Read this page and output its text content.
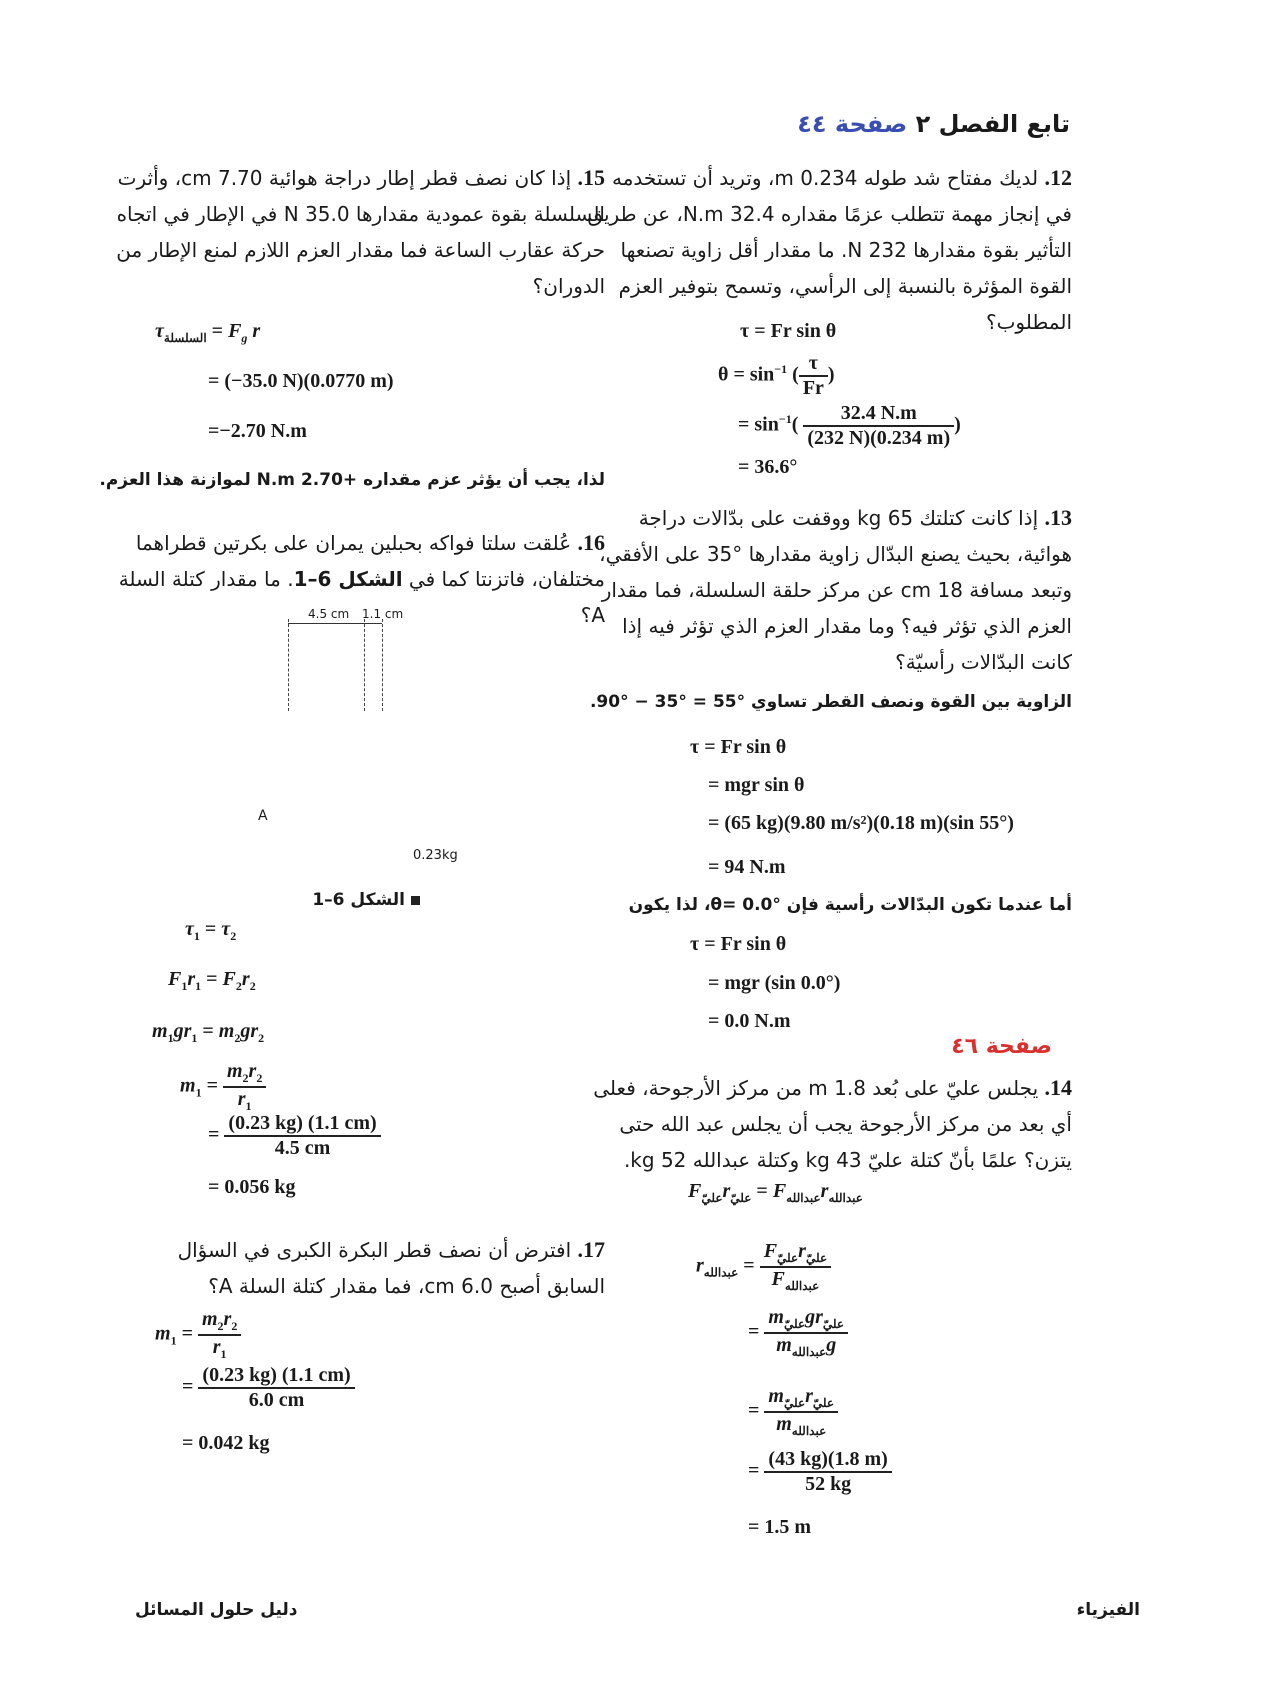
تابع الفصل ٢ صفحة ٤٤
12. لديك مفتاح شد طوله 0.234 m، وتريد أن تستخدمه في إنجاز مهمة تتطلب عزمًا مقداره 32.4 N.m، عن طريق التأثير بقوة مقدارها 232 N. ما مقدار أقل زاوية تصنعها القوة المؤثرة بالنسبة إلى الرأسي، وتسمح بتوفير العزم المطلوب؟
τ = Fr sin θ
$\theta = \sin^{-1}$ ( $\frac{\tau}{Fr}$ )
= $\sin^{-1}( \frac{32.4 N.m}{(232 N)(0.234 m)}$ )
= 36.6°
13. إذا كانت كتلتك 65 kg ووقفت على بدّالات دراجة هوائية، بحيث يصنع البدّال زاوية مقدارها °35 على الأفقي، وتبعد مسافة 18 cm عن مركز حلقة السلسلة، فما مقدار العزم الذي تؤثر فيه؟ وما مقدار العزم الذي تؤثر فيه إذا كانت البدّالات رأسيّة؟
الزاوية بين القوة ونصف القطر تساوي °55 = °35 − °90.
τ = Fr sin θ
= mgr sin θ
= (65 kg)(9.80 m/s²)(0.18 m)(sin 55°)
= 94 N.m
أما عندما تكون البدّالات رأسية فإن °0.0 =θ، لذا يكون
τ = Fr sin θ
= mgr (sin 0.0°)
= 0.0 N.m
صفحة ٤٦
14. يجلس عليّ على بُعد 1.8 m من مركز الأرجوحة، فعلى أي بعد من مركز الأرجوحة يجب أن يجلس عبد الله حتى يتزن؟ علمًا بأنّ كتلة عليّ 43 kg وكتلة عبدالله 52 kg.
$F_{عليّ}r_{عليّ} = F_{عبدالله}r_{عبدالله}$
$r_{عبدالله} = \frac{F_{عليّ}r_{عليّ}}{F_{عبدالله}}$
= $\frac{m_{عليّ}gr_{عليّ}}{m_{عبدالله}g}$
= $\frac{m_{عليّ}r_{عليّ}}{m_{عبدالله}}$
= $\frac{(43 kg)(1.8 m)}{52 kg}$
= 1.5 m
15. إذا كان نصف قطر إطار دراجة هوائية 7.70 cm، وأثرت السلسلة بقوة عمودية مقدارها 35.0 N في الإطار في اتجاه حركة عقارب الساعة فما مقدار العزم اللازم لمنع الإطار من الدوران؟
$\tau_{السلسلة} = F_g$ r
= (−35.0 N)(0.0770 m)
=−2.70 N.m
لذا، يجب أن يؤثر عزم مقداره +2.70 N.m لموازنة هذا العزم.
16. عُلقت سلتا فواكه بحبلين يمران على بكرتين قطراهما مختلفان، فاتزنتا كما في الشكل 6–1. ما مقدار كتلة السلة A؟
4.5 cm 1.1 cm
A
0.23kg
الشكل 6–1
$\tau_1 = \tau_2$
$F_1r_1 = F_2r_2$
$m_1gr_1 = m_2gr_2$
$m_1 = \frac{m_2r_2}{r_1}$
= $\frac{(0.23 kg) (1.1 cm)}{4.5 cm}$
= 0.056 kg
17. افترض أن نصف قطر البكرة الكبرى في السؤال السابق أصبح 6.0 cm، فما مقدار كتلة السلة A؟
$m_1 = \frac{m_2r_2}{r_1}$
= $\frac{(0.23 kg) (1.1 cm)}{6.0 cm}$
= 0.042 kg
الفيزياء
دليل حلول المسائل
